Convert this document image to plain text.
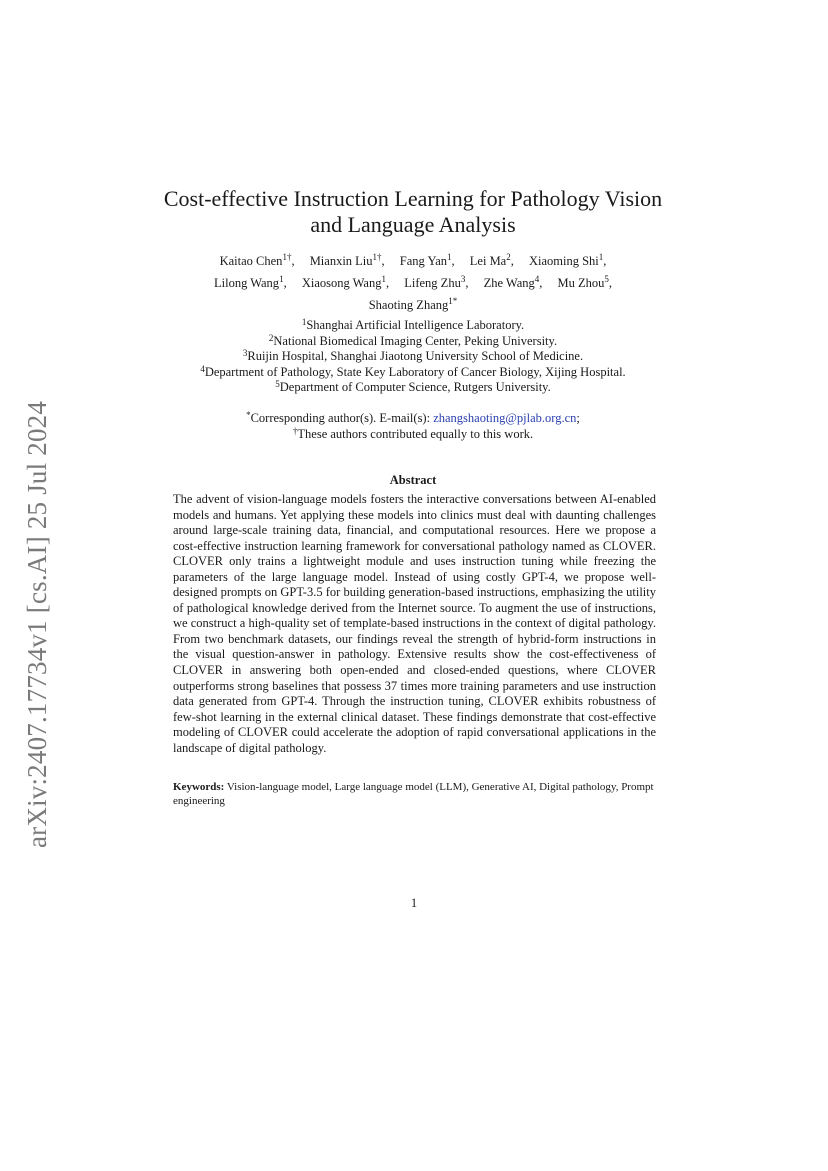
arXiv:2407.17734v1 [cs.AI] 25 Jul 2024
Cost-effective Instruction Learning for Pathology Vision and Language Analysis
Kaitao Chen$^{1\dagger}$, Mianxin Liu$^{1\dagger}$, Fang Yan$^1$, Lei Ma$^2$, Xiaoming Shi$^1$,
Lilong Wang$^1$, Xiaosong Wang$^1$, Lifeng Zhu$^3$, Zhe Wang$^4$, Mu Zhou$^5$,
Shaoting Zhang$^{1*}$
$^1$Shanghai Artificial Intelligence Laboratory.
$^2$National Biomedical Imaging Center, Peking University.
$^3$Ruijin Hospital, Shanghai Jiaotong University School of Medicine.
$^4$Department of Pathology, State Key Laboratory of Cancer Biology, Xijing Hospital.
$^5$Department of Computer Science, Rutgers University.
*Corresponding author(s). E-mail(s): zhangshaoting@pjlab.org.cn;
†These authors contributed equally to this work.
Abstract

The advent of vision-language models fosters the interactive conversations between AI-enabled models and humans. Yet applying these models into clinics must deal with daunting challenges around large-scale training data, financial, and computational resources. Here we propose a cost-effective instruction learning framework for conversational pathology named as CLOVER. CLOVER only trains a lightweight module and uses instruction tuning while freezing the parameters of the large language model. Instead of using costly GPT-4, we propose well-designed prompts on GPT-3.5 for building generation-based instructions, emphasizing the utility of pathological knowledge derived from the Internet source. To augment the use of instructions, we construct a high-quality set of template-based instructions in the context of digital pathology. From two benchmark datasets, our findings reveal the strength of hybrid-form instructions in the visual question-answer in pathology. Extensive results show the cost-effectiveness of CLOVER in answering both open-ended and closed-ended questions, where CLOVER outperforms strong baselines that possess 37 times more training parameters and use instruction data generated from GPT-4. Through the instruction tuning, CLOVER exhibits robustness of few-shot learning in the external clinical dataset. These findings demonstrate that cost-effective modeling of CLOVER could accelerate the adoption of rapid conversational applications in the landscape of digital pathology.

Keywords: Vision-language model, Large language model (LLM), Generative AI, Digital pathology, Prompt engineering

1
